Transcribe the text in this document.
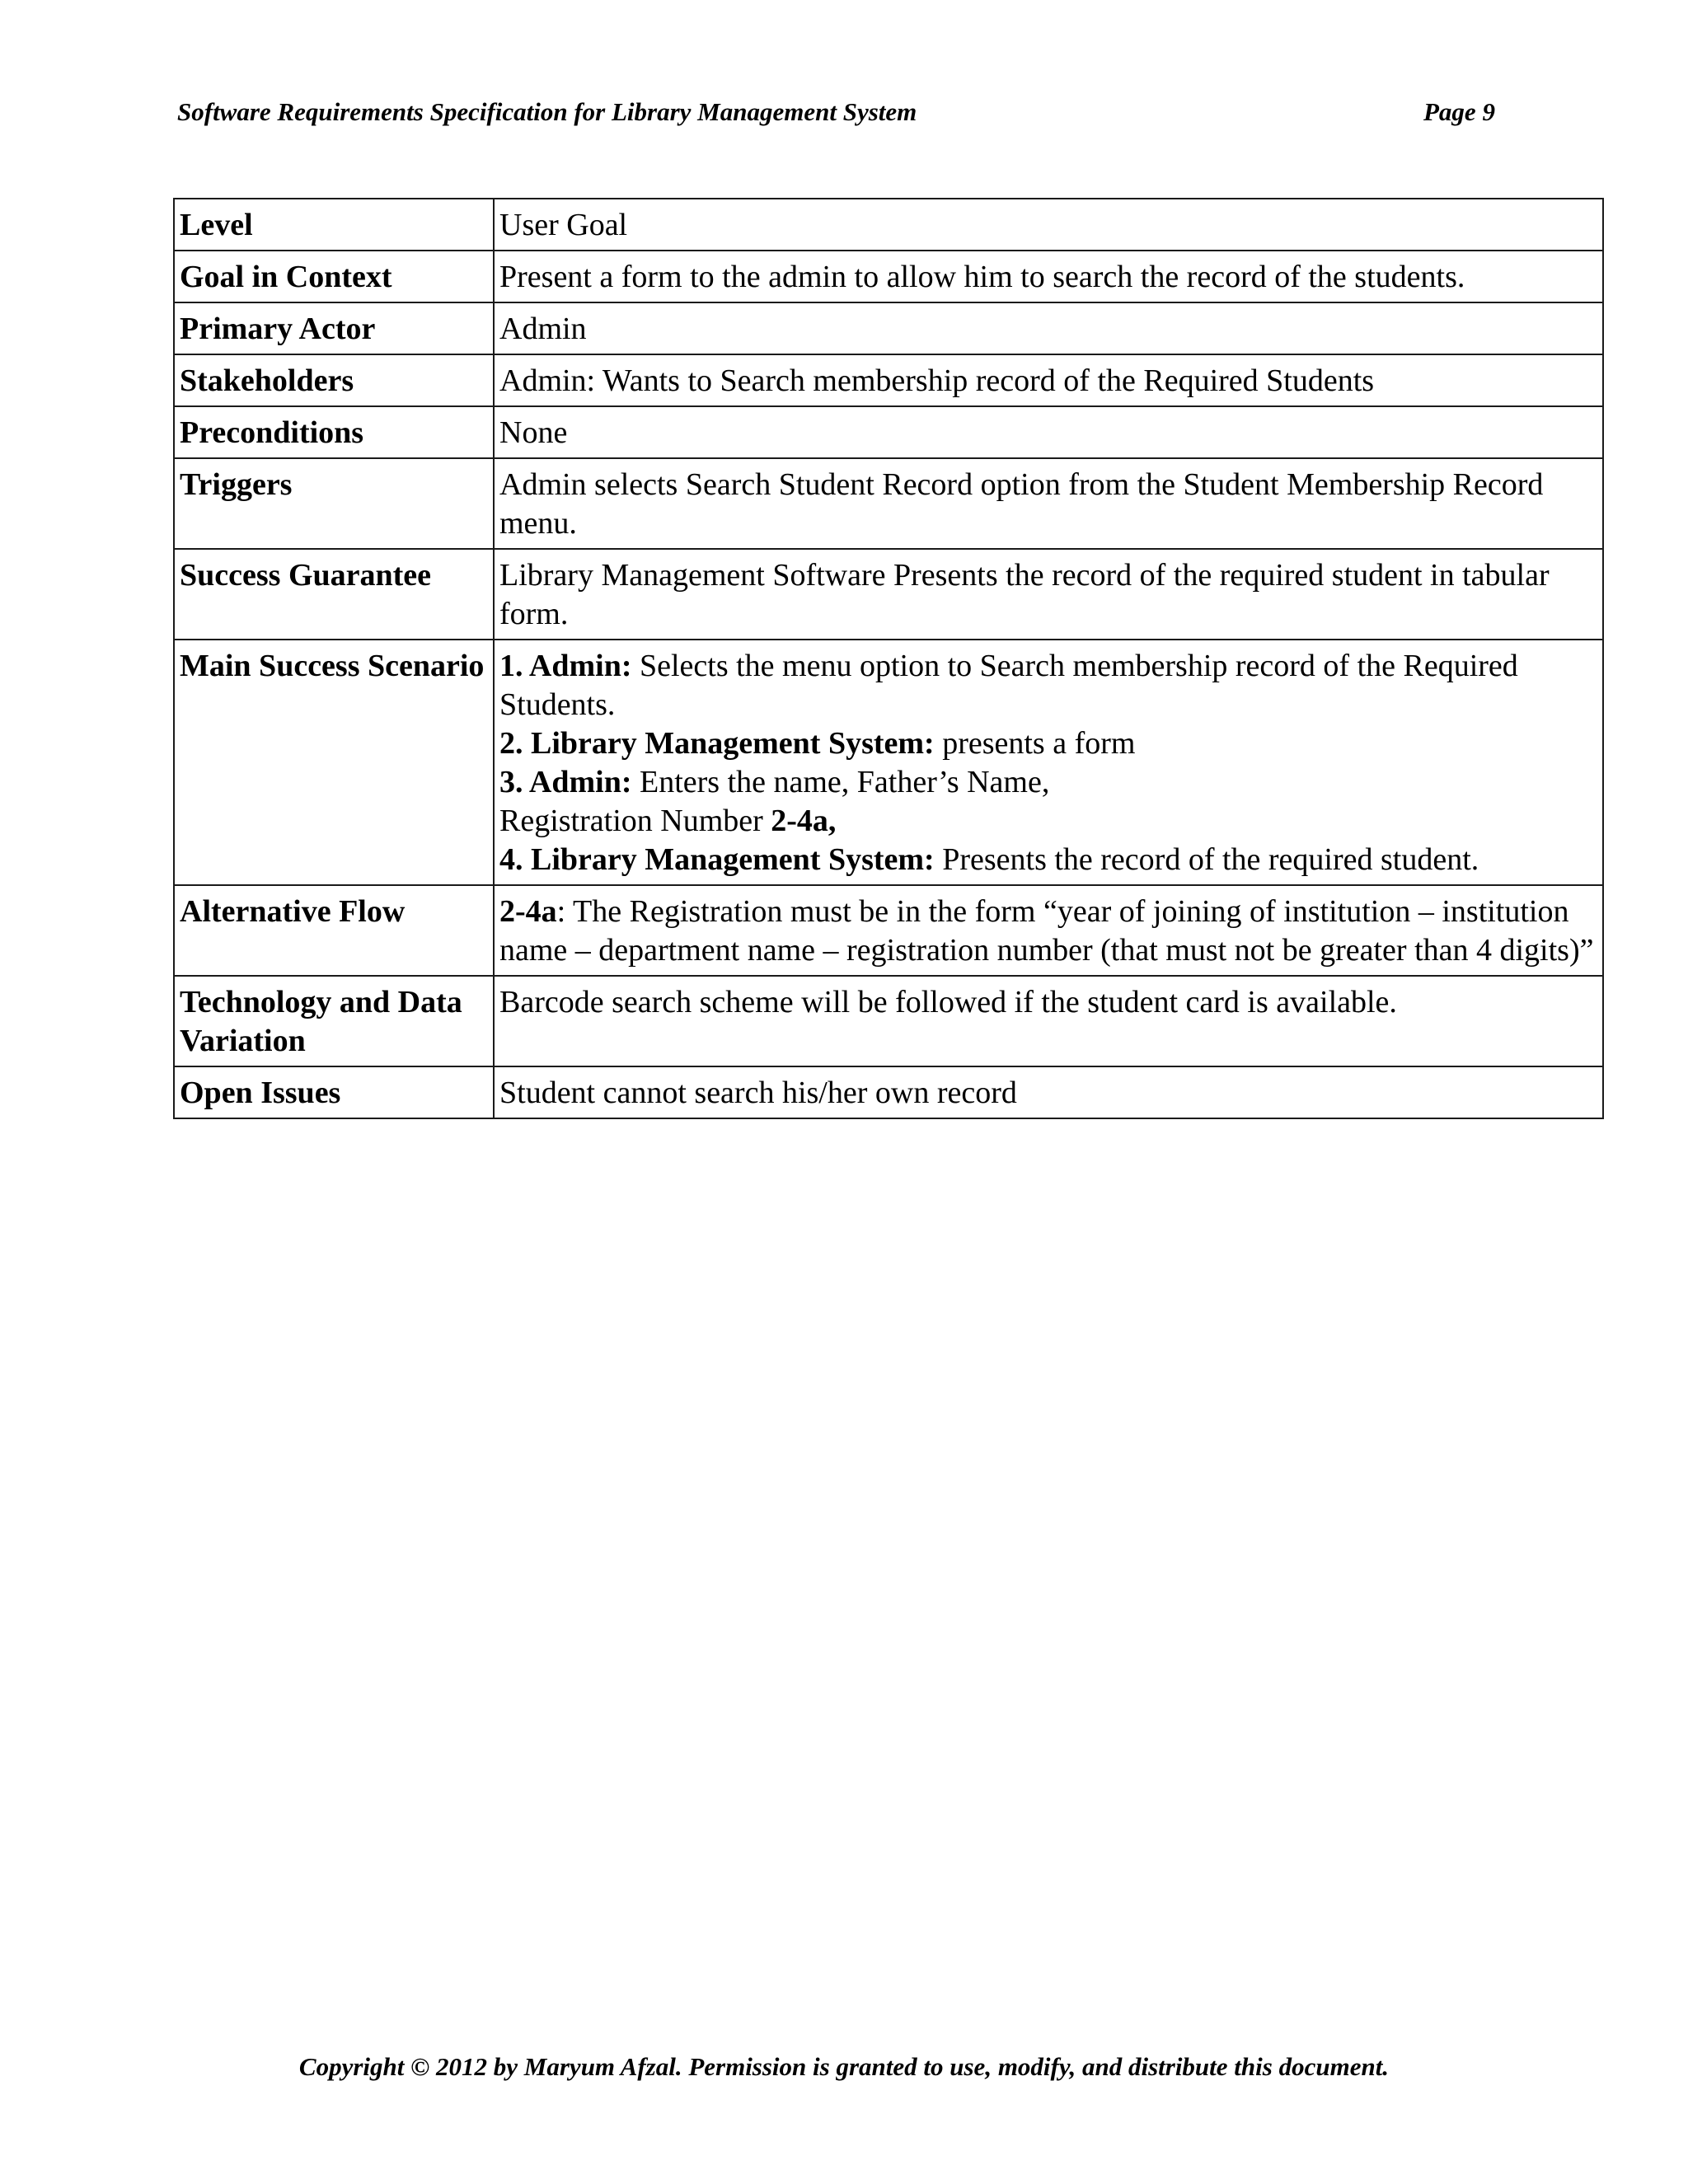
Software Requirements Specification for Library Management System	Page 9
Level	User Goal
Goal in Context	Present a form to the admin to allow him to search the record of the students.
Primary Actor	Admin
Stakeholders	Admin: Wants to Search membership record of the Required Students
Preconditions	None
Triggers	Admin selects Search Student Record option from the Student Membership Record menu.
Success Guarantee	Library Management Software Presents the record of the required student in tabular form.
Main Success Scenario	1. Admin: Selects the menu option to Search membership record of the Required Students.
2. Library Management System: presents a form
3. Admin: Enters the name, Father’s Name,
Registration Number 2-4a,
4. Library Management System: Presents the record of the required student.

Alternative Flow	2-4a: The Registration must be in the form “year of joining of institution – institution name – department name – registration number (that must not be greater than 4 digits)”
Technology and Data Variation	Barcode search scheme will be followed if the student card is available.
Open Issues	Student cannot search his/her own record
Copyright © 2012 by Maryum Afzal. Permission is granted to use, modify, and distribute this document.
